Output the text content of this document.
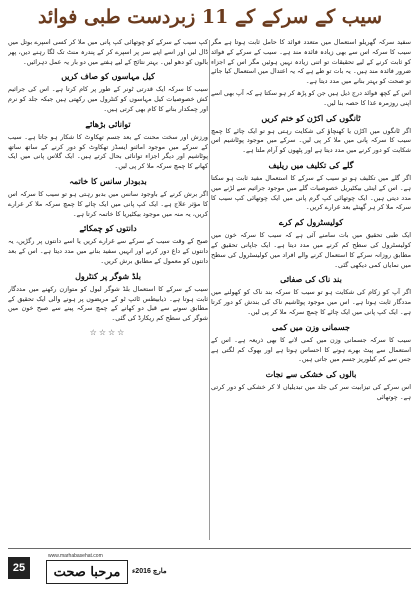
سیب کے سرکے کے 11 زبردست طبی فوائد

سفید سرکہ گھریلو استعمال میں متعدد فوائد کا حامل ثابت ہوتا ہے مگر سیب کا سرکہ اس سے بھی زیادہ فائدہ مند ہے۔ سیب کے سرکے کے فوائد کو ثابت کرنے کے لیے تحقیقات تو اتنی زیادہ نہیں ہوئیں مگر اس کے اجزاء ضرور فائدہ مند ہیں۔ یہ بات تو طے ہے کہ یہ اعتدال میں استعمال کیا جائے تو صحت کو بہتر بنانے میں مدد دیتا ہے۔

اس کے کچھ فوائد درج ذیل ہیں جن کو پڑھ کر ہو سکتا ہے کہ آپ بھی اسے اپنی روزمرہ غذا کا حصہ بنا لیں۔

ٹانگوں کی اکڑن کو ختم کریں

اگر ٹانگوں میں اکڑن یا کھنچاؤ کی شکایت رہتی ہو تو ایک چائے کا چمچ سیب کا سرکہ پانی میں ملا کر پی لیں۔ سرکے میں موجود پوٹاشیم اس شکایت کو دور کرنے میں مدد دیتا ہے اور پٹھوں کو آرام ملتا ہے۔

گلے کی تکلیف میں ریلیف

اگر گلے میں تکلیف ہو تو سیب کے سرکے کا استعمال مفید ثابت ہو سکتا ہے۔ اس کے اینٹی بیکٹیریل خصوصیات گلے میں موجود جراثیم سے لڑنے میں مدد دیتی ہیں۔ ایک چوتھائی کپ گرم پانی میں ایک چوتھائی کپ سیب کا سرکہ ملا کر ہر گھنٹے بعد غرارے کریں۔

کولیسٹرول کم کرے

ایک طبی تحقیق میں بات سامنے آئی ہے کہ سیب کا سرکہ خون میں کولیسٹرول کی سطح کم کرنے میں مدد دیتا ہے۔ ایک جاپانی تحقیق کے مطابق روزانہ سرکے کا استعمال کرنے والے افراد میں کولیسٹرول کی سطح میں نمایاں کمی دیکھی گئی۔

بند ناک کی صفائی

اگر آپ کو زکام کی شکایت ہو تو سیب کا سرکہ بند ناک کو کھولنے میں مددگار ثابت ہوتا ہے۔ اس میں موجود پوٹاشیم ناک کی بندش کو دور کرتا ہے۔ ایک کپ پانی میں ایک چائے کا چمچ سرکہ ملا کر پی لیں۔

جسمانی وزن میں کمی

سیب کا سرکہ جسمانی وزن میں کمی لانے کا بھی ذریعہ ہے۔ اس کے استعمال سے پیٹ بھرے ہونے کا احساس ہوتا ہے اور بھوک کم لگتی ہے جس سے کم کیلوریز جسم میں جاتی ہیں۔

بالوں کی خشکی سے نجات

اس سرکے کی تیزابیت سر کی جلد میں تبدیلیاں لا کر خشکی کو دور کرتی ہے۔ چوتھائی

کپ سیب کے سرکے کو چوتھائی کپ پانی میں ملا کر کسی اسپرے بوتل میں ڈال لیں اور اسے اپنے سر پر اسپرے کر کے پندرہ منٹ تک لگا رہنے دیں، پھر بالوں کو دھو لیں۔ بہتر نتائج کے لیے ہفتے میں دو بار یہ عمل دہرائیں۔

کیل مہاسوں کو صاف کریں

سیب کا سرکہ ایک قدرتی ٹونر کے طور پر کام کرتا ہے۔ اس کی جراثیم کش خصوصیات کیل مہاسوں کو کنٹرول میں رکھتی ہیں جبکہ جلد کو نرم اور چمکدار بنانے کا کام بھی کرتی ہیں۔

توانائی بڑھائے

ورزش اور سخت محنت کے بعد جسم تھکاوٹ کا شکار ہو جاتا ہے۔ سیب کے سرکے میں موجود امائنو ایسڈز تھکاوٹ کو دور کرنے کے ساتھ ساتھ پوٹاشیم اور دیگر اجزاء توانائی بحال کرتے ہیں۔ ایک گلاس پانی میں ایک کھانے کا چمچ سرکہ ملا کر پی لیں۔

بدبودار سانس کا خاتمہ

اگر برش کرنے کے باوجود سانس میں بدبو رہتی ہو تو سیب کا سرکہ اس کا مؤثر علاج ہے۔ ایک کپ پانی میں ایک چائے کا چمچ سرکہ ملا کر غرارے کریں، یہ منہ میں موجود بیکٹیریا کا خاتمہ کرتا ہے۔

دانتوں کو چمکائے

صبح کے وقت سیب کے سرکے سے غرارے کریں یا اسے دانتوں پر رگڑیں، یہ دانتوں کے داغ دور کرنے اور انہیں سفید بنانے میں مدد دیتا ہے۔ اس کے بعد دانتوں کو معمول کے مطابق برش کریں۔

بلڈ شوگر پر کنٹرول

سیب کے سرکے کا استعمال بلڈ شوگر لیول کو متوازن رکھنے میں مددگار ثابت ہوتا ہے۔ ذیابیطس ٹائپ ٹو کے مریضوں پر ہونے والی ایک تحقیق کے مطابق سونے سے قبل دو کھانے کے چمچ سرکہ پینے سے صبح خون میں شوگر کی سطح کم ریکارڈ کی گئی۔

☆☆☆☆
25
www.marhabasehat.com
مرحبا صحت	مارچ 2016ء
